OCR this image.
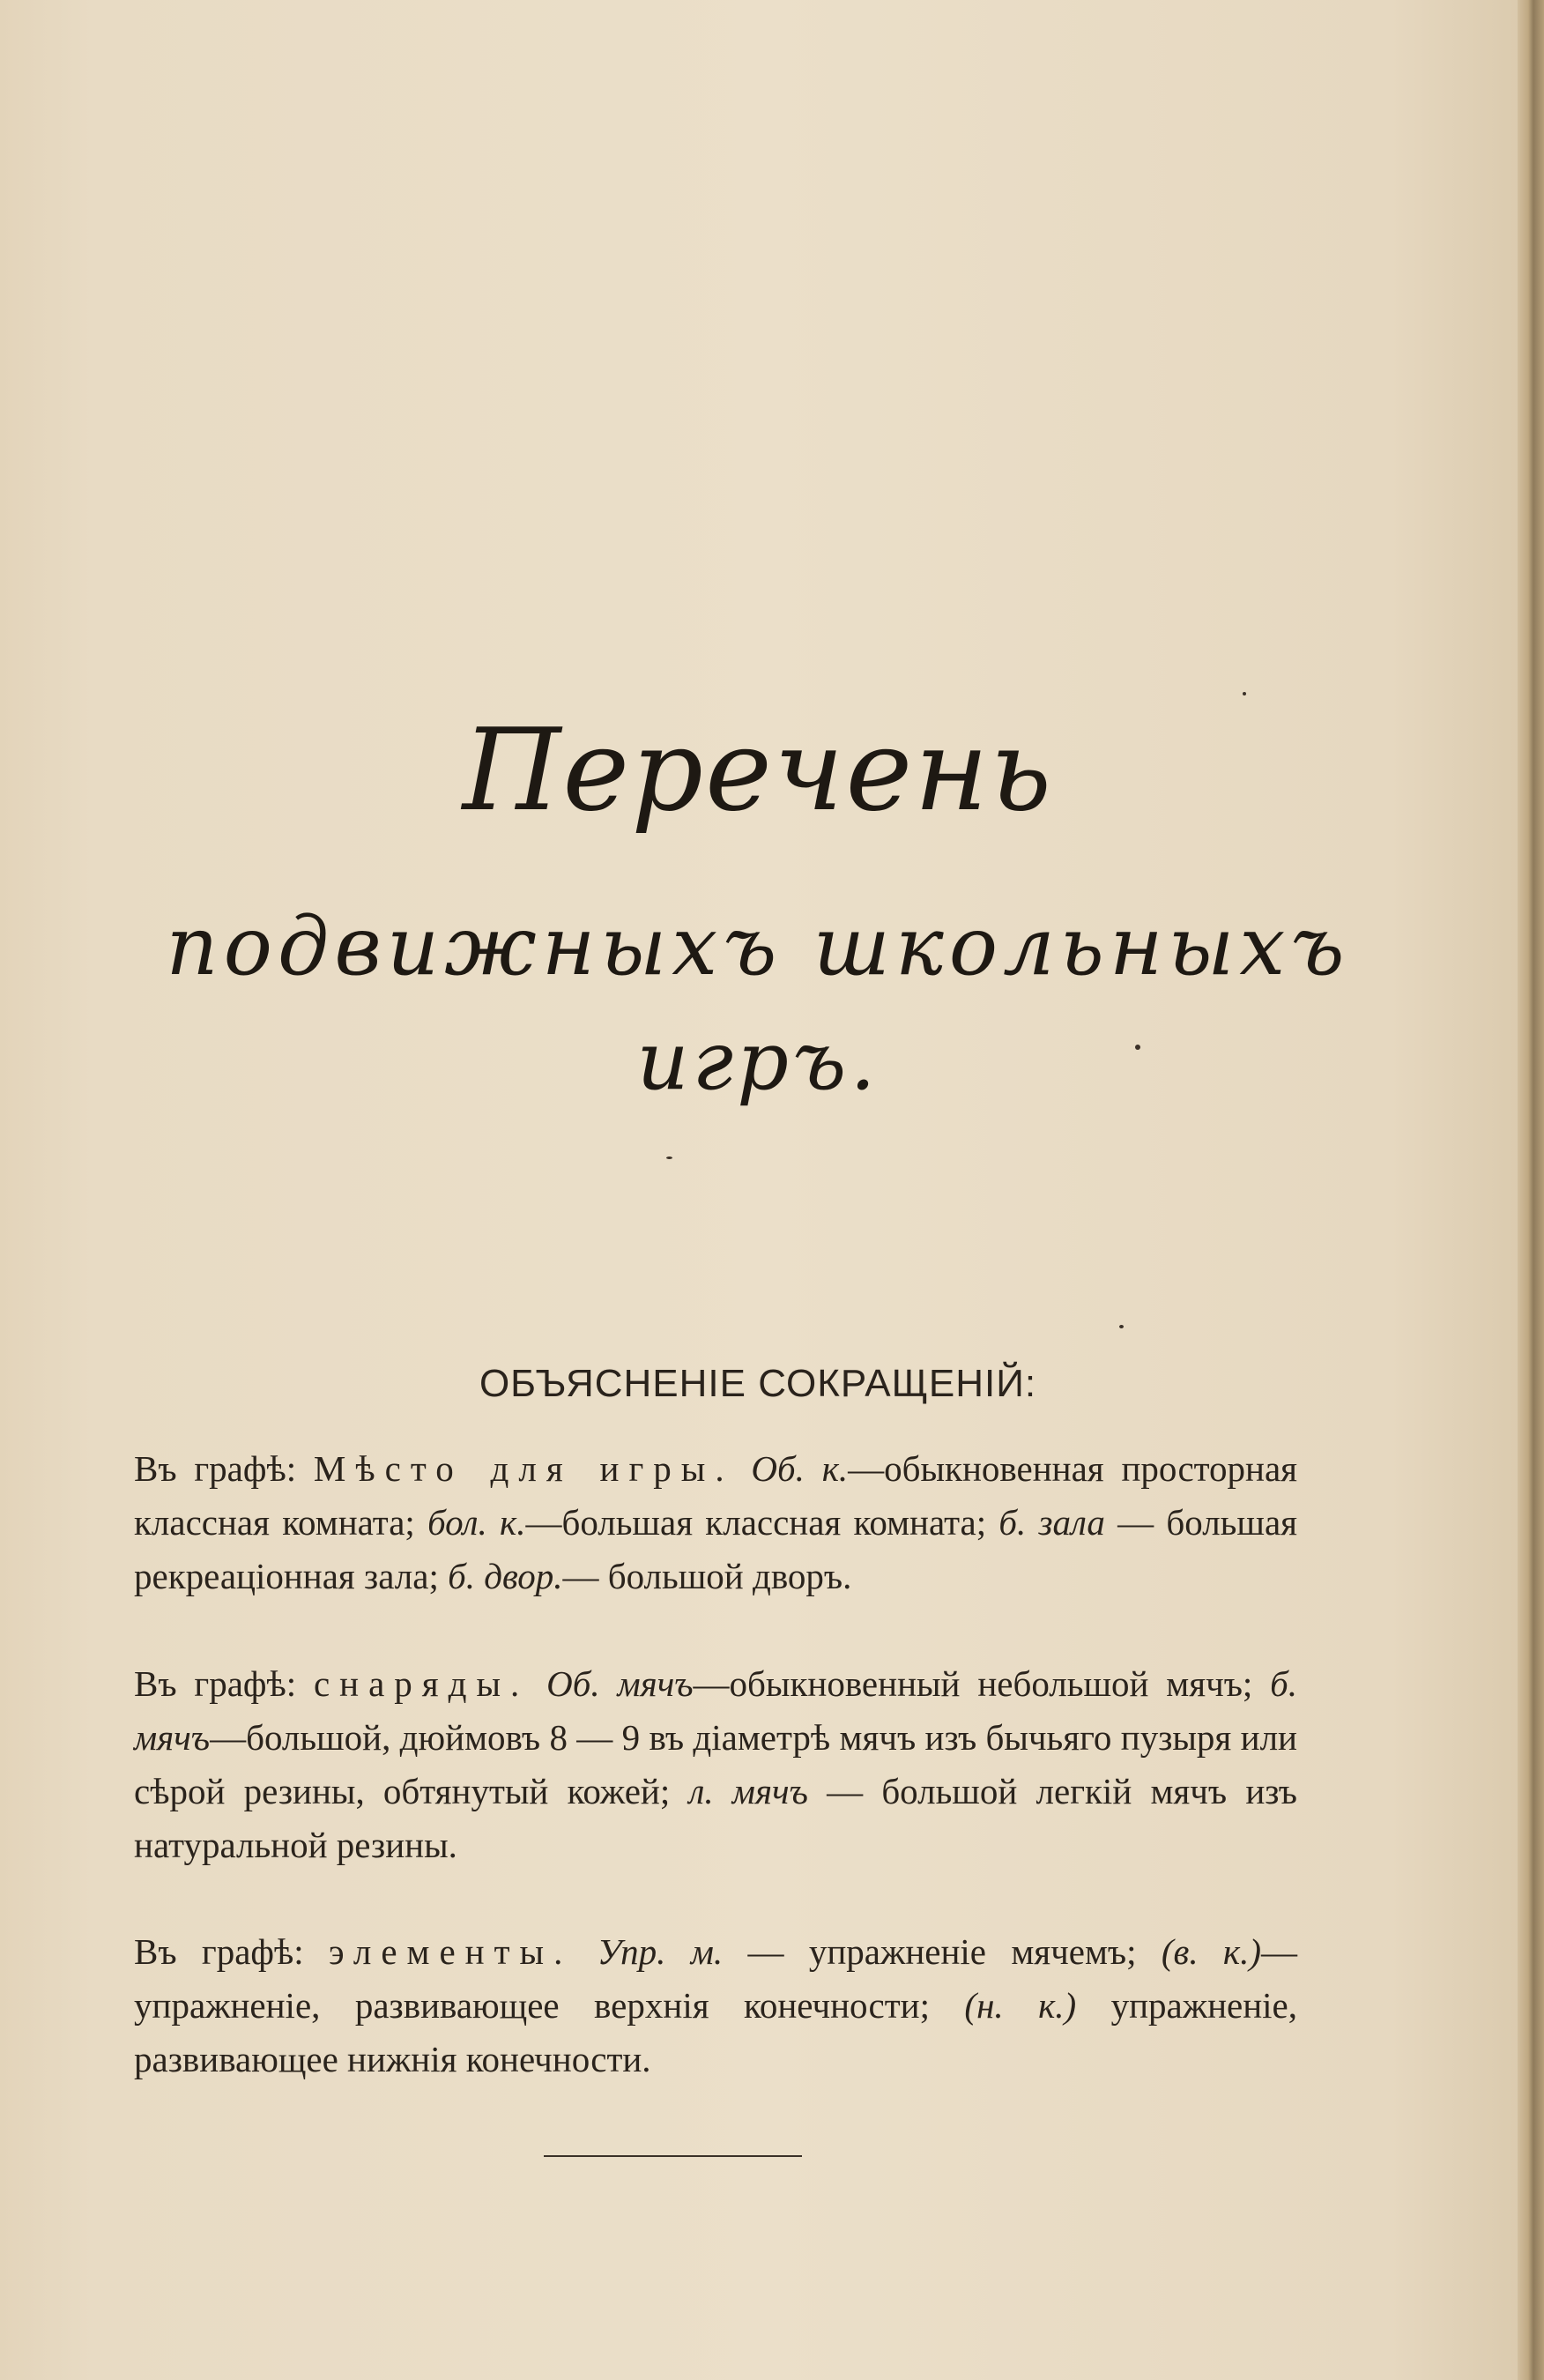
Перечень
подвижныхъ школьныхъ
игръ.
ОБЪЯСНЕНІЕ СОКРАЩЕНІЙ:

Въ графѣ: Мѣсто для игры. Об. к.—обыкновенная просторная классная комната; бол. к.—большая классная комната; б. зала — большая рекреаціонная зала; б. двор.— большой дворъ.

Въ графѣ: снаряды. Об. мячъ—обыкновенный небольшой мячъ; б. мячъ—большой, дюймовъ 8 — 9 въ діаметрѣ мячъ изъ бычьяго пузыря или сѣрой резины, обтянутый кожей; л. мячъ — большой легкій мячъ изъ натуральной резины.

Въ графѣ: элементы. Упр. м. — упражненіе мячемъ; (в. к.)—упражненіе, развивающее верхнія конечности; (н. к.) упражненіе, развивающее нижнія конечности.
